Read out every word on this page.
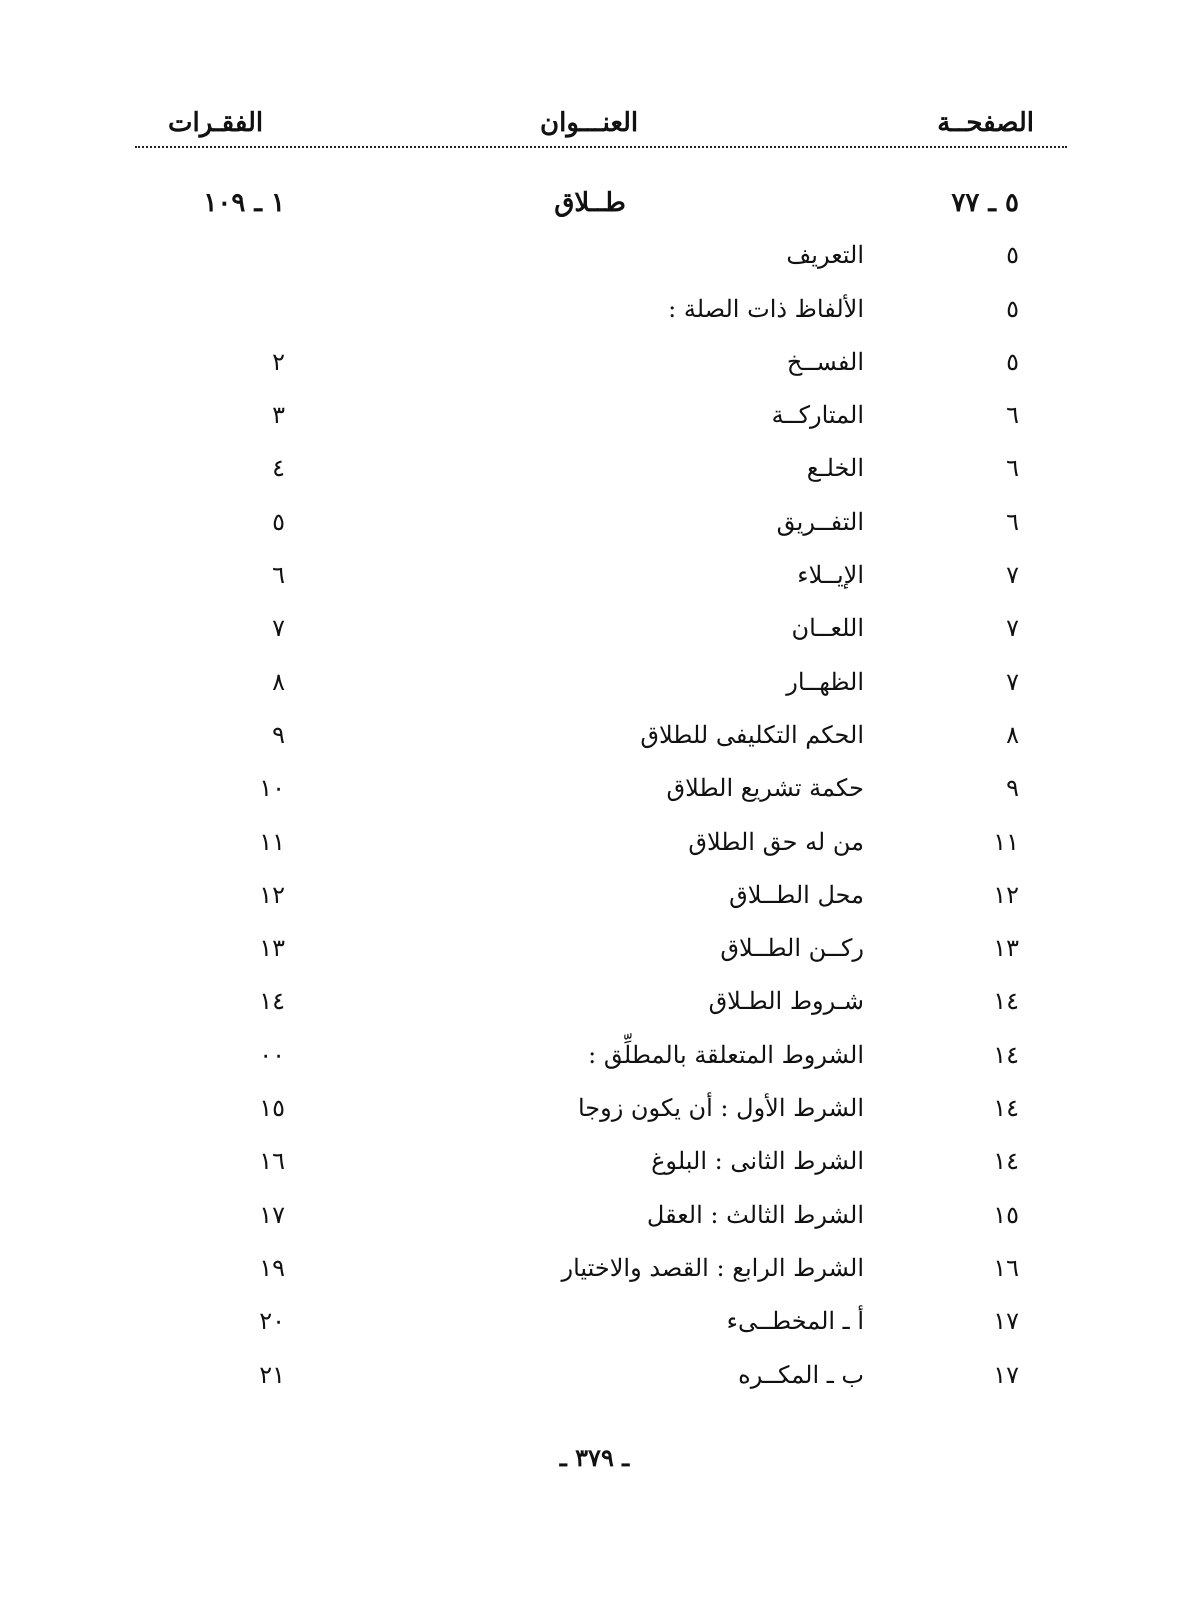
الصفحــة
العنـــوان
الفقـرات
٥ ـ ٧٧
طــلاق
١ ـ ١٠٩
٥
التعريف
٥
الألفاظ ذات الصلة :
٥
الفســخ
٢
٦
المتاركــة
٣
٦
الخلـع
٤
٦
التفــريق
٥
٧
الإيــلاء
٦
٧
اللعــان
٧
٧
الظهــار
٨
٨
الحكم التكليفى للطلاق
٩
٩
حكمة تشريع الطلاق
١٠
١١
من له حق الطلاق
١١
١٢
محل الطــلاق
١٢
١٣
ركــن الطــلاق
١٣
١٤
شـروط الطـلاق
١٤
١٤
الشروط المتعلقة بالمطلِّق :
٠٠
١٤
الشرط الأول : أن يكون زوجا
١٥
١٤
الشرط الثانى : البلوغ
١٦
١٥
الشرط الثالث : العقل
١٧
١٦
الشرط الرابع : القصد والاختيار
١٩
١٧
أ ـ المخطــىء
٢٠
١٧
ب ـ المكــره
٢١
ـ ٣٧٩ ـ
